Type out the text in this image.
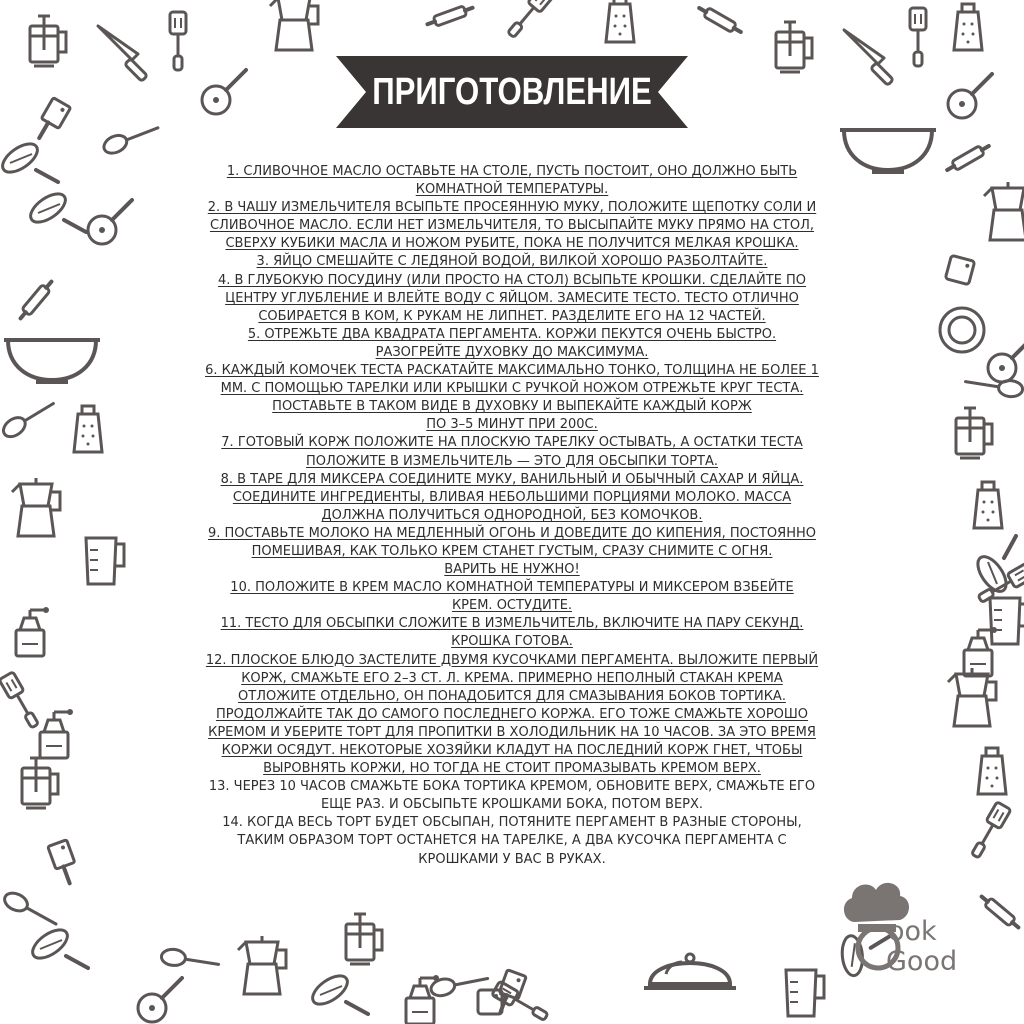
ПРИГОТОВЛЕНИЕ
1. СЛИВОЧНОЕ МАСЛО ОСТАВЬТЕ НА СТОЛЕ, ПУСТЬ ПОСТОИТ, ОНО ДОЛЖНО БЫТЬ
КОМНАТНОЙ ТЕМПЕРАТУРЫ.
2. В ЧАШУ ИЗМЕЛЬЧИТЕЛЯ ВСЫПЬТЕ ПРОСЕЯННУЮ МУКУ, ПОЛОЖИТЕ ЩЕПОТКУ СОЛИ И
СЛИВОЧНОЕ МАСЛО. ЕСЛИ НЕТ ИЗМЕЛЬЧИТЕЛЯ, ТО ВЫСЫПАЙТЕ МУКУ ПРЯМО НА СТОЛ,
СВЕРХУ КУБИКИ МАСЛА И НОЖОМ РУБИТЕ, ПОКА НЕ ПОЛУЧИТСЯ МЕЛКАЯ КРОШКА.
3. ЯЙЦО СМЕШАЙТЕ С ЛЕДЯНОЙ ВОДОЙ, ВИЛКОЙ ХОРОШО РАЗБОЛТАЙТЕ.
4. В ГЛУБОКУЮ ПОСУДИНУ (ИЛИ ПРОСТО НА СТОЛ) ВСЫПЬТЕ КРОШКИ. СДЕЛАЙТЕ ПО
ЦЕНТРУ УГЛУБЛЕНИЕ И ВЛЕЙТЕ ВОДУ С ЯЙЦОМ. ЗАМЕСИТЕ ТЕСТО. ТЕСТО ОТЛИЧНО
СОБИРАЕТСЯ В КОМ, К РУКАМ НЕ ЛИПНЕТ. РАЗДЕЛИТЕ ЕГО НА 12 ЧАСТЕЙ.
5. ОТРЕЖЬТЕ ДВА КВАДРАТА ПЕРГАМЕНТА. КОРЖИ ПЕКУТСЯ ОЧЕНЬ БЫСТРО.
РАЗОГРЕЙТЕ ДУХОВКУ ДО МАКСИМУМА.
6. КАЖДЫЙ КОМОЧЕК ТЕСТА РАСКАТАЙТЕ МАКСИМАЛЬНО ТОНКО, ТОЛЩИНА НЕ БОЛЕЕ 1
ММ. С ПОМОЩЬЮ ТАРЕЛКИ ИЛИ КРЫШКИ С РУЧКОЙ НОЖОМ ОТРЕЖЬТЕ КРУГ ТЕСТА.
ПОСТАВЬТЕ В ТАКОМ ВИДЕ В ДУХОВКУ И ВЫПЕКАЙТЕ КАЖДЫЙ КОРЖ
ПО 3–5 МИНУТ ПРИ 200С.
7. ГОТОВЫЙ КОРЖ ПОЛОЖИТЕ НА ПЛОСКУЮ ТАРЕЛКУ ОСТЫВАТЬ, А ОСТАТКИ ТЕСТА
ПОЛОЖИТЕ В ИЗМЕЛЬЧИТЕЛЬ — ЭТО ДЛЯ ОБСЫПКИ ТОРТА.
8. В ТАРЕ ДЛЯ МИКСЕРА СОЕДИНИТЕ МУКУ, ВАНИЛЬНЫЙ И ОБЫЧНЫЙ САХАР И ЯЙЦА.
СОЕДИНИТЕ ИНГРЕДИЕНТЫ, ВЛИВАЯ НЕБОЛЬШИМИ ПОРЦИЯМИ МОЛОКО. МАССА
ДОЛЖНА ПОЛУЧИТЬСЯ ОДНОРОДНОЙ, БЕЗ КОМОЧКОВ.
9. ПОСТАВЬТЕ МОЛОКО НА МЕДЛЕННЫЙ ОГОНЬ И ДОВЕДИТЕ ДО КИПЕНИЯ, ПОСТОЯННО
ПОМЕШИВАЯ, КАК ТОЛЬКО КРЕМ СТАНЕТ ГУСТЫМ, СРАЗУ СНИМИТЕ С ОГНЯ.
ВАРИТЬ НЕ НУЖНО!
10. ПОЛОЖИТЕ В КРЕМ МАСЛО КОМНАТНОЙ ТЕМПЕРАТУРЫ И МИКСЕРОМ ВЗБЕЙТЕ
КРЕМ. ОСТУДИТЕ.
11. ТЕСТО ДЛЯ ОБСЫПКИ СЛОЖИТЕ В ИЗМЕЛЬЧИТЕЛЬ, ВКЛЮЧИТЕ НА ПАРУ СЕКУНД.
КРОШКА ГОТОВА.
12. ПЛОСКОЕ БЛЮДО ЗАСТЕЛИТЕ ДВУМЯ КУСОЧКАМИ ПЕРГАМЕНТА. ВЫЛОЖИТЕ ПЕРВЫЙ
КОРЖ, СМАЖЬТЕ ЕГО 2–3 СТ. Л. КРЕМА. ПРИМЕРНО НЕПОЛНЫЙ СТАКАН КРЕМА
ОТЛОЖИТЕ ОТДЕЛЬНО, ОН ПОНАДОБИТСЯ ДЛЯ СМАЗЫВАНИЯ БОКОВ ТОРТИКА.
ПРОДОЛЖАЙТЕ ТАК ДО САМОГО ПОСЛЕДНЕГО КОРЖА. ЕГО ТОЖЕ СМАЖЬТЕ ХОРОШО
КРЕМОМ И УБЕРИТЕ ТОРТ ДЛЯ ПРОПИТКИ В ХОЛОДИЛЬНИК НА 10 ЧАСОВ. ЗА ЭТО ВРЕМЯ
КОРЖИ ОСЯДУТ. НЕКОТОРЫЕ ХОЗЯЙКИ КЛАДУТ НА ПОСЛЕДНИЙ КОРЖ ГНЕТ, ЧТОБЫ
ВЫРОВНЯТЬ КОРЖИ, НО ТОГДА НЕ СТОИТ ПРОМАЗЫВАТЬ КРЕМОМ ВЕРХ.
13. ЧЕРЕЗ 10 ЧАСОВ СМАЖЬТЕ БОКА ТОРТИКА КРЕМОМ, ОБНОВИТЕ ВЕРХ, СМАЖЬТЕ ЕГО
ЕЩЕ РАЗ. И ОБСЫПЬТЕ КРОШКАМИ БОКА, ПОТОМ ВЕРХ.
14. КОГДА ВЕСЬ ТОРТ БУДЕТ ОБСЫПАН, ПОТЯНИТЕ ПЕРГАМЕНТ В РАЗНЫЕ СТОРОНЫ,
ТАКИМ ОБРАЗОМ ТОРТ ОСТАНЕТСЯ НА ТАРЕЛКЕ, А ДВА КУСОЧКА ПЕРГАМЕНТА С
КРОШКАМИ У ВАС В РУКАХ.
ook
Good
